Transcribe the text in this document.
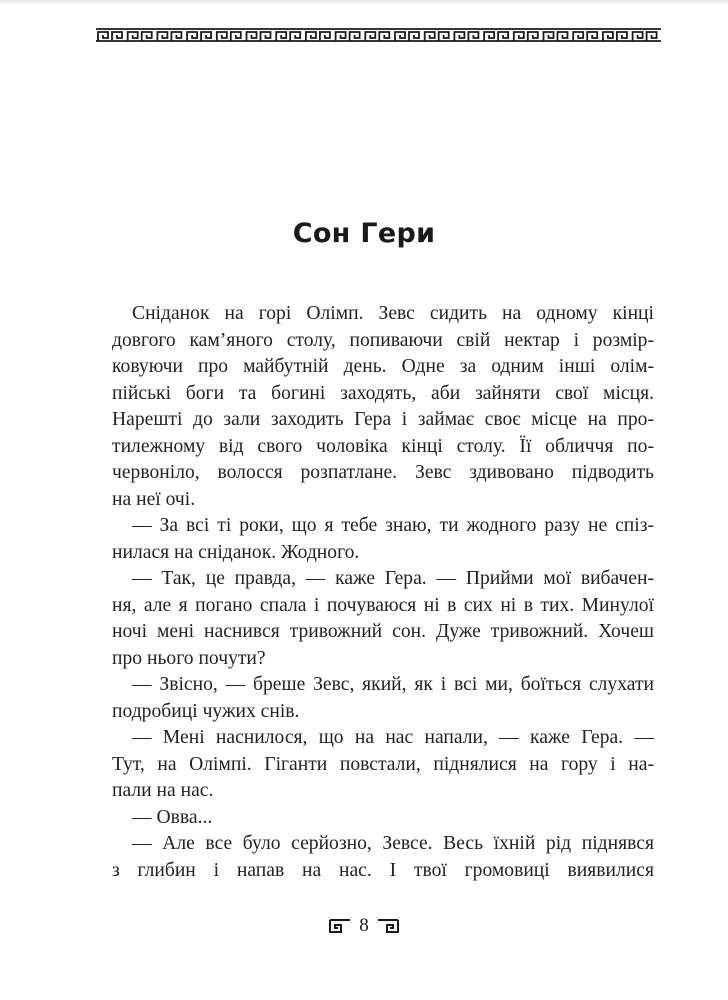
Сон Гери

Сніданок на горі Олімп. Зевс сидить на одному кінці

довгого кам’яного столу, попиваючи свій нектар і розмір-

ковуючи про майбутній день. Одне за одним інші олім-

пійські боги та богині заходять, аби зайняти свої місця.

Нарешті до зали заходить Гера і займає своє місце на про-

тилежному від свого чоловіка кінці столу. Її обличчя по-

червоніло, волосся розпатлане. Зевс здивовано підводить

на неї очі.

— За всі ті роки, що я тебе знаю, ти жодного разу не спіз-

нилася на сніданок. Жодного.

— Так, це правда, — каже Гера. — Прийми мої вибачен-

ня, але я погано спала і почуваюся ні в сих ні в тих. Минулої

ночі мені наснився тривожний сон. Дуже тривожний. Хочеш

про нього почути?

— Звісно, — бреше Зевс, який, як і всі ми, боїться слухати

подробиці чужих снів.

— Мені наснилося, що на нас напали, — каже Гера. —

Тут, на Олімпі. Гіганти повстали, піднялися на гору і на-

пали на нас.

— Овва...

— Але все було серйозно, Зевсе. Весь їхній рід піднявся

з глибин і напав на нас. І твої громовиці виявилися

8
